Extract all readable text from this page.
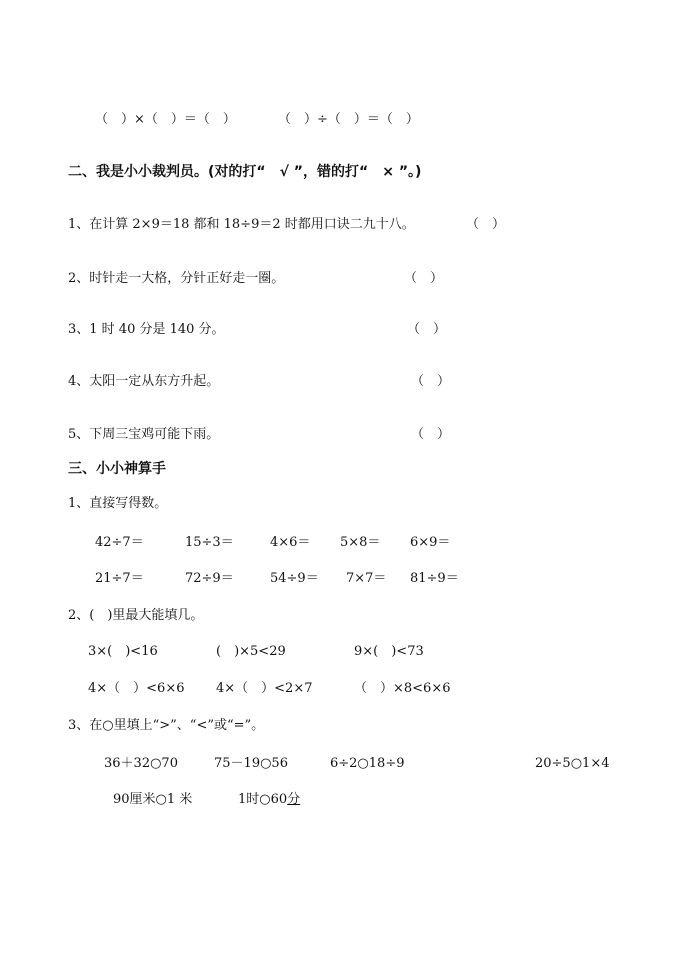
（　）×（　）＝（　）	（　）÷（　）＝（　）
二、我是小小裁判员。(对的打“　√ ”，错的打“　× ”。)
1、在计算 2×9＝18 都和 18÷9＝2 时都用口诀二九十八。	（　）
2、时针走一大格，分针正好走一圈。	（　）
3、1 时 40 分是 140 分。	（　）
4、太阳一定从东方升起。	（　）
5、下周三宝鸡可能下雨。	（　）
三、小小神算手
1、直接写得数。
42÷7＝	15÷3＝	4×6＝ 5×8＝ 6×9＝
21÷7＝	72÷9＝	54÷9＝ 7×7＝ 81÷9＝
2、(　)里最大能填几。
3×(　)<16	(　)×5<29	9×(　)<73
4×（　）<6×6 4×（　）<2×7	（　）×8<6×6
3、在○里填上“>”、“<”或“=”。
36＋32○70	75－19○56	6÷2○18÷9	20÷5○1×4
90厘米○1 米	1时○60分
